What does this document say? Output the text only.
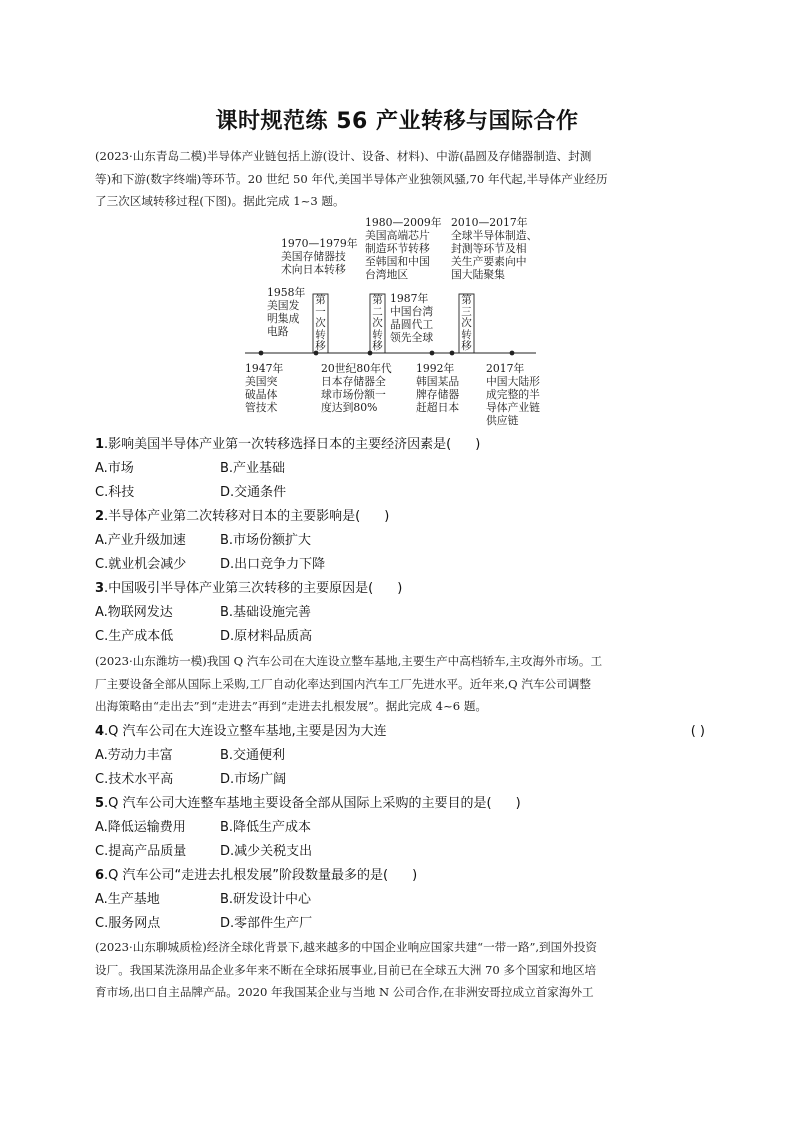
课时规范练 56 产业转移与国际合作
(2023·山东青岛二模)半导体产业链包括上游(设计、设备、材料)、中游(晶圆及存储器制造、封测
等)和下游(数字终端)等环节。20 世纪 50 年代,美国半导体产业独领风骚,70 年代起,半导体产业经历
了三次区域转移过程(下图)。据此完成 1~3 题。
1958年
美国发
明集成
电路
1970—1979年
美国存储器技
术向日本转移
1980—2009年
美国高端芯片
制造环节转移
至韩国和中国
台湾地区
1987年
中国台湾
晶圆代工
领先全球
2010—2017年
全球半导体制造、
封测等环节及相
关生产要素向中
国大陆聚集
第
一
次
转
移
第
二
次
转
移
第
三
次
转
移
1947年
美国突
破晶体
管技术
20世纪80年代
日本存储器全
球市场份额一
度达到80%
1992年
韩国某品
牌存储器
赶超日本
2017年
中国大陆形
成完整的半
导体产业链
供应链
1.影响美国半导体产业第一次转移选择日本的主要经济因素是( )
A.市场	B.产业基础
C.科技	D.交通条件
2.半导体产业第二次转移对日本的主要影响是( )
A.产业升级加速	B.市场份额扩大
C.就业机会减少	D.出口竞争力下降
3.中国吸引半导体产业第三次转移的主要原因是( )
A.物联网发达	B.基础设施完善
C.生产成本低	D.原材料品质高
(2023·山东潍坊一模)我国 Q 汽车公司在大连设立整车基地,主要生产中高档轿车,主攻海外市场。工
厂主要设备全部从国际上采购,工厂自动化率达到国内汽车工厂先进水平。近年来,Q 汽车公司调整
出海策略由“走出去”到“走进去”再到“走进去扎根发展”。据此完成 4~6 题。
4.Q 汽车公司在大连设立整车基地,主要是因为大连	( )
A.劳动力丰富	B.交通便利
C.技术水平高	D.市场广阔
5.Q 汽车公司大连整车基地主要设备全部从国际上采购的主要目的是( )
A.降低运输费用	B.降低生产成本
C.提高产品质量	D.减少关税支出
6.Q 汽车公司“走进去扎根发展”阶段数量最多的是( )
A.生产基地	B.研发设计中心
C.服务网点	D.零部件生产厂
(2023·山东聊城质检)经济全球化背景下,越来越多的中国企业响应国家共建“一带一路”,到国外投资
设厂。我国某洗涤用品企业多年来不断在全球拓展事业,目前已在全球五大洲 70 多个国家和地区培
育市场,出口自主品牌产品。2020 年我国某企业与当地 N 公司合作,在非洲安哥拉成立首家海外工
